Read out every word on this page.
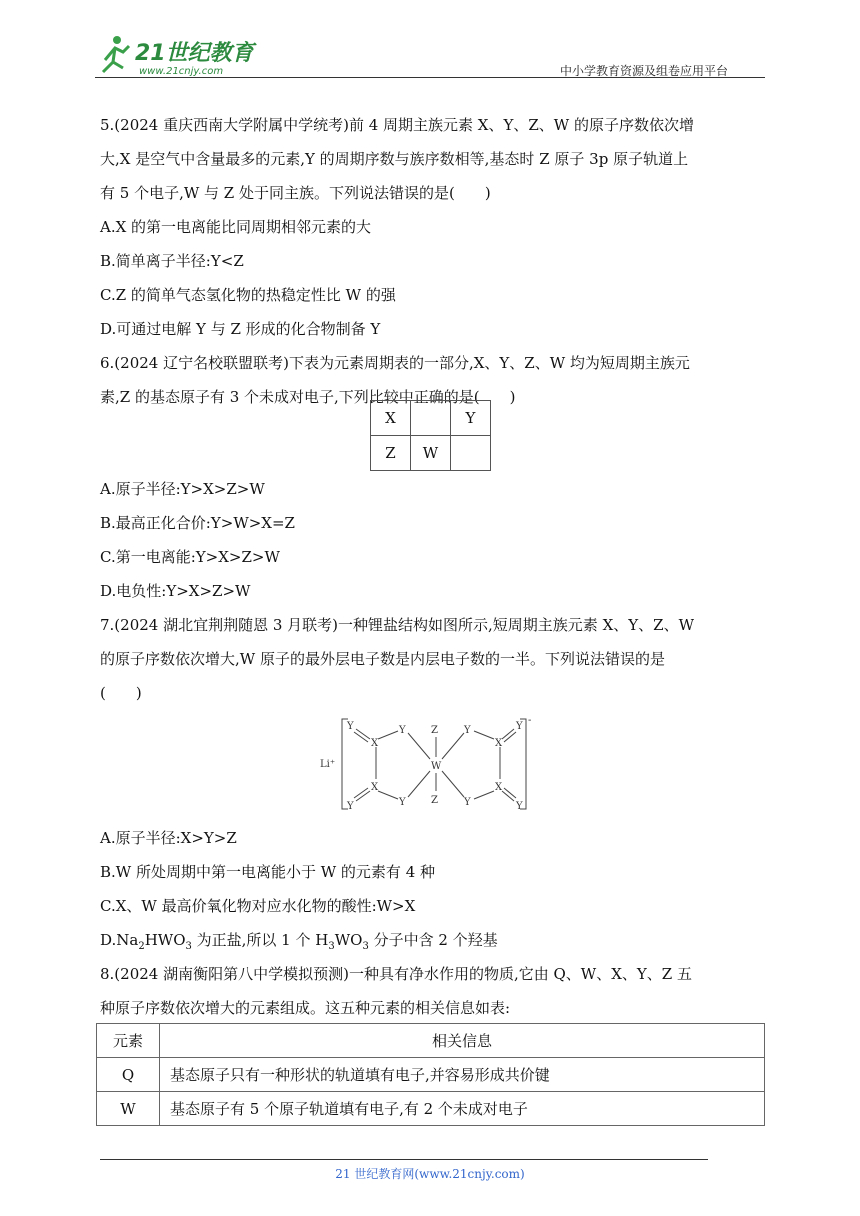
21世纪教育
www.21cnjy.com	中小学教育资源及组卷应用平台
5.(2024 重庆西南大学附属中学统考)前 4 周期主族元素 X、Y、Z、W 的原子序数依次增
大,X 是空气中含量最多的元素,Y 的周期序数与族序数相等,基态时 Z 原子 3p 原子轨道上
有 5 个电子,W 与 Z 处于同主族。下列说法错误的是(　　)
A.X 的第一电离能比同周期相邻元素的大
B.简单离子半径:Y<Z
C.Z 的简单气态氢化物的热稳定性比 W 的强
D.可通过电解 Y 与 Z 形成的化合物制备 Y
6.(2024 辽宁名校联盟联考)下表为元素周期表的一部分,X、Y、Z、W 均为短周期主族元
素,Z 的基态原子有 3 个未成对电子,下列比较中正确的是(　　)
X		Y
Z	W	
A.原子半径:Y>X>Z>W
B.最高正化合价:Y>W>X=Z
C.第一电离能:Y>X>Z>W
D.电负性:Y>X>Z>W
7.(2024 湖北宜荆荆随恩 3 月联考)一种锂盐结构如图所示,短周期主族元素 X、Y、Z、W
的原子序数依次增大,W 原子的最外层电子数是内层电子数的一半。下列说法错误的是
(　　)
Li⁺
-
Y
X
Y	Z
W
Z
X
Y	Y
Y
X
Y
Y
X
Y
A.原子半径:X>Y>Z
B.W 所处周期中第一电离能小于 W 的元素有 4 种
C.X、W 最高价氧化物对应水化物的酸性:W>X
$D.Na_2HWO_3$ 为正盐,所以 1 个 $H_3WO_3$ 分子中含 2 个羟基
8.(2024 湖南衡阳第八中学模拟预测)一种具有净水作用的物质,它由 Q、W、X、Y、Z 五
种原子序数依次增大的元素组成。这五种元素的相关信息如表:
元素	相关信息
Q	基态原子只有一种形状的轨道填有电子,并容易形成共价键
W	基态原子有 5 个原子轨道填有电子,有 2 个未成对电子
21 世纪教育网(www.21cnjy.com)
